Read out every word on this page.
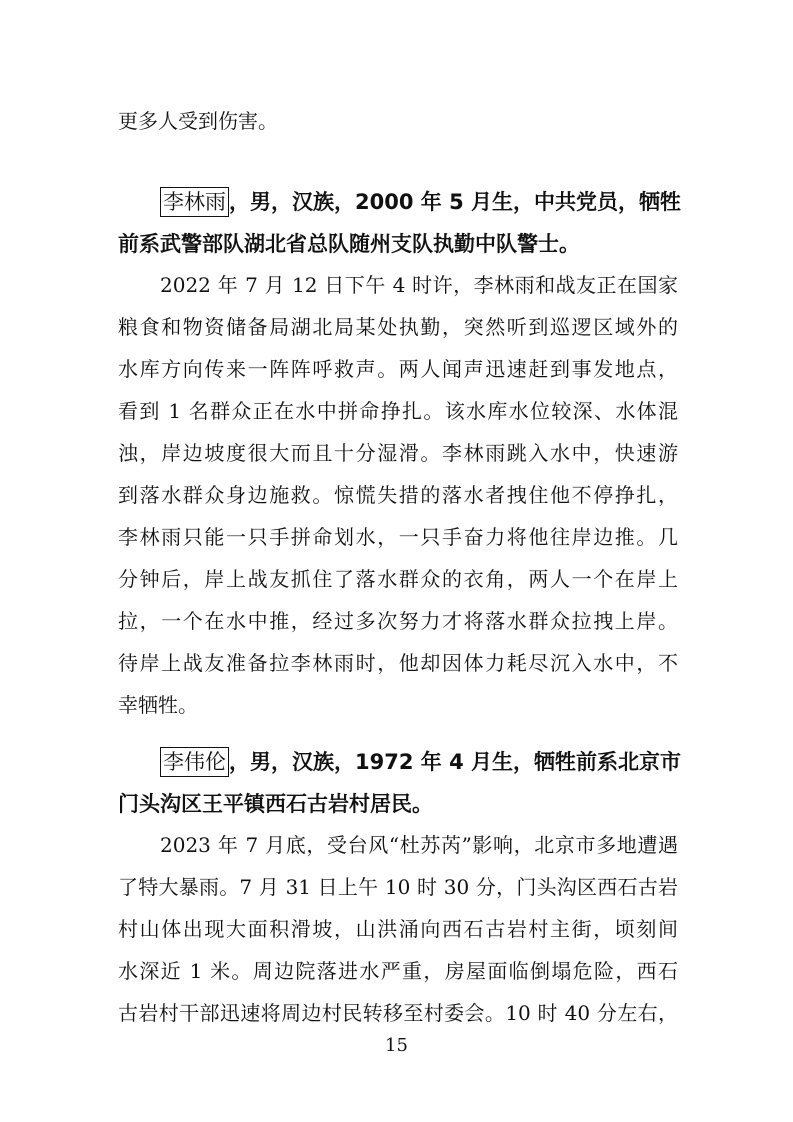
更多人受到伤害。
李林雨 ，男，汉族，2000 年 5 月生，中共党员，牺牲
前系武警部队湖北省总队随州支队执勤中队警士。
2022 年 7 月 12 日下午 4 时许，李林雨和战友正在国家
粮食和物资储备局湖北局某处执勤，突然听到巡逻区域外的
水库方向传来一阵阵呼救声。两人闻声迅速赶到事发地点，
看到 1 名群众正在水中拼命挣扎。该水库水位较深、水体混
浊，岸边坡度很大而且十分湿滑。李林雨跳入水中，快速游
到落水群众身边施救。惊慌失措的落水者拽住他不停挣扎，
李林雨只能一只手拼命划水，一只手奋力将他往岸边推。几
分钟后，岸上战友抓住了落水群众的衣角，两人一个在岸上
拉，一个在水中推，经过多次努力才将落水群众拉拽上岸。
待岸上战友准备拉李林雨时，他却因体力耗尽沉入水中，不
幸牺牲。
李伟伦 ，男，汉族，1972 年 4 月生，牺牲前系北京市
门头沟区王平镇西石古岩村居民。
2023 年 7 月底，受台风“杜苏芮”影响，北京市多地遭遇
了特大暴雨。7 月 31 日上午 10 时 30 分，门头沟区西石古岩
村山体出现大面积滑坡，山洪涌向西石古岩村主街，顷刻间
水深近 1 米。周边院落进水严重，房屋面临倒塌危险，西石
古岩村干部迅速将周边村民转移至村委会。10 时 40 分左右，
15
